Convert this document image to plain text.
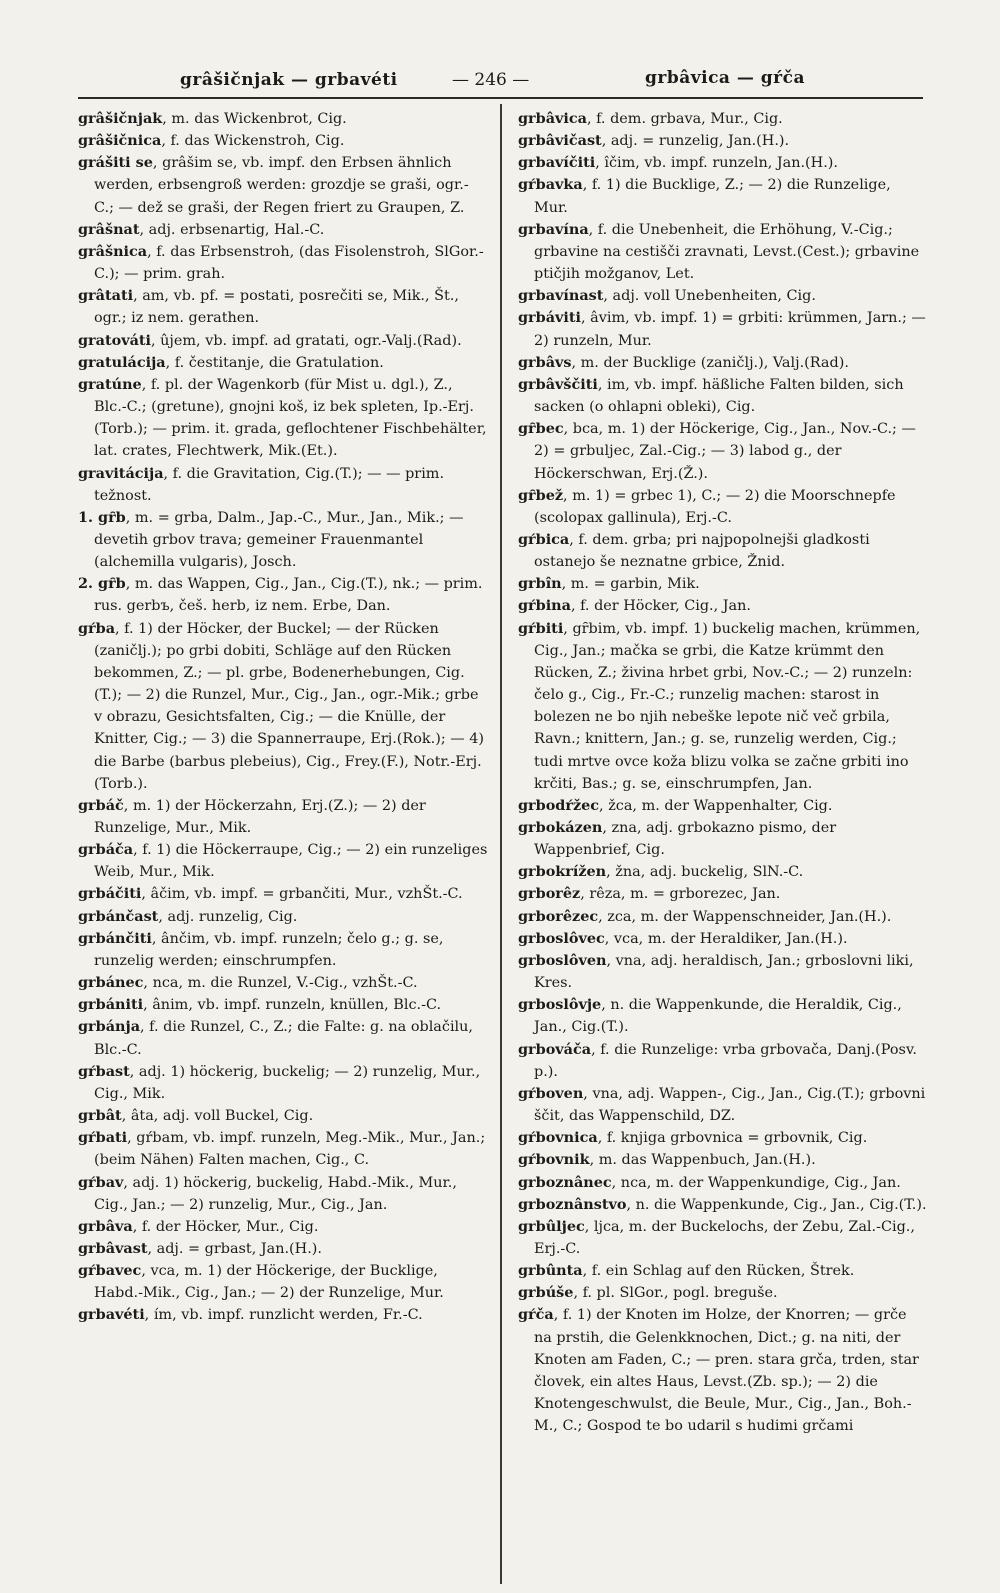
grâšičnjak — grbavéti	— 246 —	grbâvica — gŕča

grâšičnjak, m. das Wickenbrot, Cig.

grâšičnica, f. das Wickenstroh, Cig.

grášiti se, grâšim se, vb. impf. den Erbsen ähnlich werden, erbsengroß werden: grozdje se graši, ogr.-C.; — dež se graši, der Regen friert zu Graupen, Z.

grâšnat, adj. erbsenartig, Hal.-C.

grâšnica, f. das Erbsenstroh, (das Fisolenstroh, SlGor.-C.); — prim. grah.

grâtati, am, vb. pf. = postati, posrečiti se, Mik., Št., ogr.; iz nem. gerathen.

gratováti, ûjem, vb. impf. ad gratati, ogr.-Valj.(Rad).

gratulácija, f. čestitanje, die Gratulation.

gratúne, f. pl. der Wagenkorb (für Mist u. dgl.), Z., Blc.-C.; (gretune), gnojni koš, iz bek spleten, Ip.-Erj.(Torb.); — prim. it. grada, geflochtener Fischbehälter, lat. crates, Flechtwerk, Mik.(Et.).

gravitácija, f. die Gravitation, Cig.(T.); — — prim. težnost.

1. gȓb, m. = grba, Dalm., Jap.-C., Mur., Jan., Mik.; — devetih grbov trava; gemeiner Frauenmantel (alchemilla vulgaris), Josch.

2. gȓb, m. das Wappen, Cig., Jan., Cig.(T.), nk.; — prim. rus. gerbъ, češ. herb, iz nem. Erbe, Dan.

gŕba, f. 1) der Höcker, der Buckel; — der Rücken (zaničlj.); po grbi dobiti, Schläge auf den Rücken bekommen, Z.; — pl. grbe, Bodenerhebungen, Cig.(T.); — 2) die Runzel, Mur., Cig., Jan., ogr.-Mik.; grbe v obrazu, Gesichtsfalten, Cig.; — die Knülle, der Knitter, Cig.; — 3) die Spannerraupe, Erj.(Rok.); — 4) die Barbe (barbus plebeius), Cig., Frey.(F.), Notr.-Erj.(Torb.).

grbáč, m. 1) der Höckerzahn, Erj.(Z.); — 2) der Runzelige, Mur., Mik.

grbáča, f. 1) die Höckerraupe, Cig.; — 2) ein runzeliges Weib, Mur., Mik.

grbáčiti, âčim, vb. impf. = grbančiti, Mur., vzhŠt.-C.

grbánčast, adj. runzelig, Cig.

grbánčiti, ânčim, vb. impf. runzeln; čelo g.; g. se, runzelig werden; einschrumpfen.

grbánec, nca, m. die Runzel, V.-Cig., vzhŠt.-C.

grbániti, ânim, vb. impf. runzeln, knüllen, Blc.-C.

grbánja, f. die Runzel, C., Z.; die Falte: g. na oblačilu, Blc.-C.

gŕbast, adj. 1) höckerig, buckelig; — 2) runzelig, Mur., Cig., Mik.

grbât, âta, adj. voll Buckel, Cig.

gŕbati, gŕbam, vb. impf. runzeln, Meg.-Mik., Mur., Jan.; (beim Nähen) Falten machen, Cig., C.

gŕbav, adj. 1) höckerig, buckelig, Habd.-Mik., Mur., Cig., Jan.; — 2) runzelig, Mur., Cig., Jan.

grbâva, f. der Höcker, Mur., Cig.

grbâvast, adj. = grbast, Jan.(H.).

gŕbavec, vca, m. 1) der Höckerige, der Bucklige, Habd.-Mik., Cig., Jan.; — 2) der Runzelige, Mur.

grbavéti, ím, vb. impf. runzlicht werden, Fr.-C.

grbâvica, f. dem. grbava, Mur., Cig.

grbâvičast, adj. = runzelig, Jan.(H.).

grbavíčiti, îčim, vb. impf. runzeln, Jan.(H.).

gŕbavka, f. 1) die Bucklige, Z.; — 2) die Runzelige, Mur.

grbavína, f. die Unebenheit, die Erhöhung, V.-Cig.; grbavine na cestišči zravnati, Levst.(Cest.); grbavine ptičjih možganov, Let.

grbavínast, adj. voll Unebenheiten, Cig.

grbáviti, âvim, vb. impf. 1) = grbiti: krümmen, Jarn.; — 2) runzeln, Mur.

grbâvs, m. der Bucklige (zaničlj.), Valj.(Rad).

grbâvščiti, im, vb. impf. häßliche Falten bilden, sich sacken (o ohlapni obleki), Cig.

gȓbec, bca, m. 1) der Höckerige, Cig., Jan., Nov.-C.; — 2) = grbuljec, Zal.-Cig.; — 3) labod g., der Höckerschwan, Erj.(Ž.).

gȓbež, m. 1) = grbec 1), C.; — 2) die Moorschnepfe (scolopax gallinula), Erj.-C.

gŕbica, f. dem. grba; pri najpopolnejši gladkosti ostanejo še neznatne grbice, Žnid.

grbîn, m. = garbin, Mik.

gŕbina, f. der Höcker, Cig., Jan.

gŕbiti, gȓbim, vb. impf. 1) buckelig machen, krümmen, Cig., Jan.; mačka se grbi, die Katze krümmt den Rücken, Z.; živina hrbet grbi, Nov.-C.; — 2) runzeln: čelo g., Cig., Fr.-C.; runzelig machen: starost in bolezen ne bo njih nebeške lepote nič več grbila, Ravn.; knittern, Jan.; g. se, runzelig werden, Cig.; tudi mrtve ovce koža blizu volka se začne grbiti ino krčiti, Bas.; g. se, einschrumpfen, Jan.

grbodŕžec, žca, m. der Wappenhalter, Cig.

grbokázen, zna, adj. grbokazno pismo, der Wappenbrief, Cig.

grbokrížen, žna, adj. buckelig, SlN.-C.

grborêz, rêza, m. = grborezec, Jan.

grborêzec, zca, m. der Wappenschneider, Jan.(H.).

grboslôvec, vca, m. der Heraldiker, Jan.(H.).

grboslôven, vna, adj. heraldisch, Jan.; grboslovni liki, Kres.

grboslôvje, n. die Wappenkunde, die Heraldik, Cig., Jan., Cig.(T.).

grbováča, f. die Runzelige: vrba grbovača, Danj.(Posv. p.).

gŕboven, vna, adj. Wappen-, Cig., Jan., Cig.(T.); grbovni ščit, das Wappenschild, DZ.

gŕbovnica, f. knjiga grbovnica = grbovnik, Cig.

gŕbovnik, m. das Wappenbuch, Jan.(H.).

grboznânec, nca, m. der Wappenkundige, Cig., Jan.

grboznânstvo, n. die Wappenkunde, Cig., Jan., Cig.(T.).

grbûljec, ljca, m. der Buckelochs, der Zebu, Zal.-Cig., Erj.-C.

grbûnta, f. ein Schlag auf den Rücken, Štrek.

grbúše, f. pl. SlGor., pogl. breguše.

gŕča, f. 1) der Knoten im Holze, der Knorren; — grče na prstih, die Gelenkknochen, Dict.; g. na niti, der Knoten am Faden, C.; — pren. stara grča, trden, star človek, ein altes Haus, Levst.(Zb. sp.); — 2) die Knotengeschwulst, die Beule, Mur., Cig., Jan., Boh.-M., C.; Gospod te bo udaril s hudimi grčami
